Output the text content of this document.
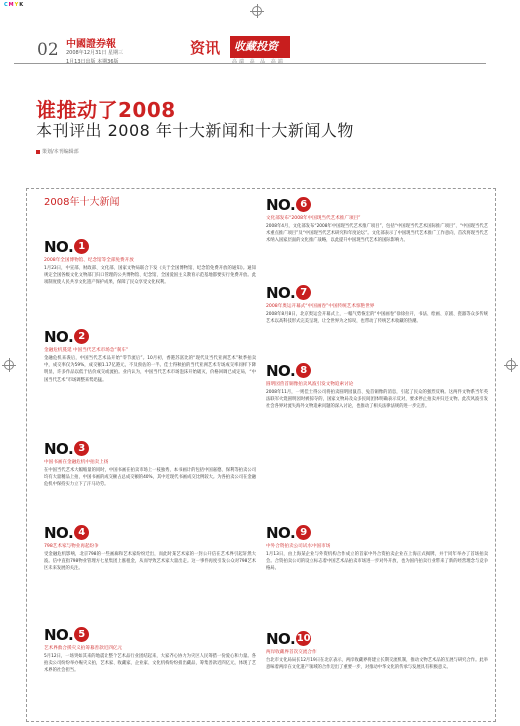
CMYK
02 中國證券報
2008年12月31日 星期三
1月13日出版 本期36版
资讯	收藏投资
高端 高 品 高端
谁推动了2008
本刊评出 2008 年十大新闻和十大新闻人物
策划/本刊编辑部
2008年十大新闻
NO. 1
2008年全国博物馆、纪念馆等全部免费开放
1月23日，中宣部、财政部、文化部、国家文物局联合下发《关于全国博物馆、纪念馆免费开放的通知》。通知规定全国各级文化文物部门归口管理的公共博物馆、纪念馆，全国爱国主义教育示范基地都要实行免费开放。此项制度使人民共享文化遗产保护成果，保障了民众享受文化权利。
NO. 2
金融危机蔓延 中国当代艺术市场急“刹车”
金融危机来袭后，中国当代艺术品开始“零节流后”。10月初，香港苏富比的“现代及当代亚洲艺术”秋季拍卖中，成交率仅为59%，成交额1.17亿港元，不及预估的一半。佳士得秋拍的当代亚洲艺术专场成交率同样下降明显，许多作品以低于估价成交或流拍。业内认为，中国当代艺术市场泡沫开始破灭，价格回调已成定局，“中国当代艺术”市场调整来势迅猛。
NO. 3
中国书画在金融危机中拍卖上扬
在中国当代艺术大幅缩量的同时，中国书画在拍卖市场上一枝独秀，本书画计的包括中国嘉德、保利等拍卖公司均有大量精品上拍，中国书画的成交额占总成交额的40%，其中近现代书画成交比例较大。为各拍卖公司在金融危机中保持实力立下了汗马功劳。
NO. 4
798艺术家与物业再起纷争
受金融危机影响，北京798的一些画廊和艺术家纷纷迁出，而此时某艺术家的一封公开信在艺术界引起轩然大波。信中直指798物业管理方七星集团上涨租金，从而导致艺术家大量出走。这一事件再度引发公众对798艺术区未来发展的关注。
NO. 5
艺术界救合援灾义拍筹募善款近四亿元
5月12日，一场突如其来的地震让整个艺术品行业团结起来，大家齐心协力为灾区人民筹措一份爱心和力量。各拍卖公司纷纷举办赈灾义拍，艺术家、收藏家、企业家、文化机构纷纷捐出藏品，筹集善款近四亿元，体现了艺术界的社会担当。
NO. 6
文化部发布“2008年中国现当代艺术推广项目”
2008年4月，文化部发布“2008年中国现当代艺术推广项目”，包括“中国现当代艺术国际推广项目”、“中国现当代艺术重点推广项目”及“中国现当代艺术研究和年度论坛”。文化部表示了中国现当代艺术推广工作意向，首次将现当代艺术纳入国家层面的文化推广战略，以此提升中国现当代艺术的国际影响力。
NO. 7
2008年奥运开幕式“中国画卷”中国传统艺术惊艳世界
2008年8月8日，北京奥运会开幕式上，一幅气势恢宏的“中国画卷”徐徐拉开，书法、绘画、京剧、瓷器等众多传统艺术以高科技形式完美呈现，让全世界为之惊叹，也带动了传统艺术收藏的热潮。
NO. 8
圆明园兽首铜像拍卖风波引发文物追索讨论
2008年11月，一则佳士得公司将拍卖圆明园鼠首、兔首铜像的消息，引起了民众的强烈反响。这两件文物系当年英法联军火烧圆明园时被掠夺的，国家文物局及众多民间团体明确表示反对，要求停止拍卖并归还文物。此次风波引发社会各界对流失海外文物追索问题的深入讨论，也推动了相关法律法规的进一步完善。
NO. 9
中外合资拍卖公司试水中国市场
1月13日，由上海某企业与外资机构合作成立的首家中外合资拍卖企业在上海正式揭牌，并于同年举办了首场拍卖会。合资拍卖公司的设立标志着中国艺术品拍卖市场进一步对外开放，也为国内拍卖行业带来了新的经营理念与竞争格局。
NO. 10
两岸收藏界首次交流合作
台北市文化局局长12月19日在北京表示，两岸收藏界将建立长期交流机制，推动文物艺术品的互展与研究合作。此举意味着两岸在文化遗产领域的合作迈出了重要一步，对推动中华文化的传承与发展具有积极意义。
